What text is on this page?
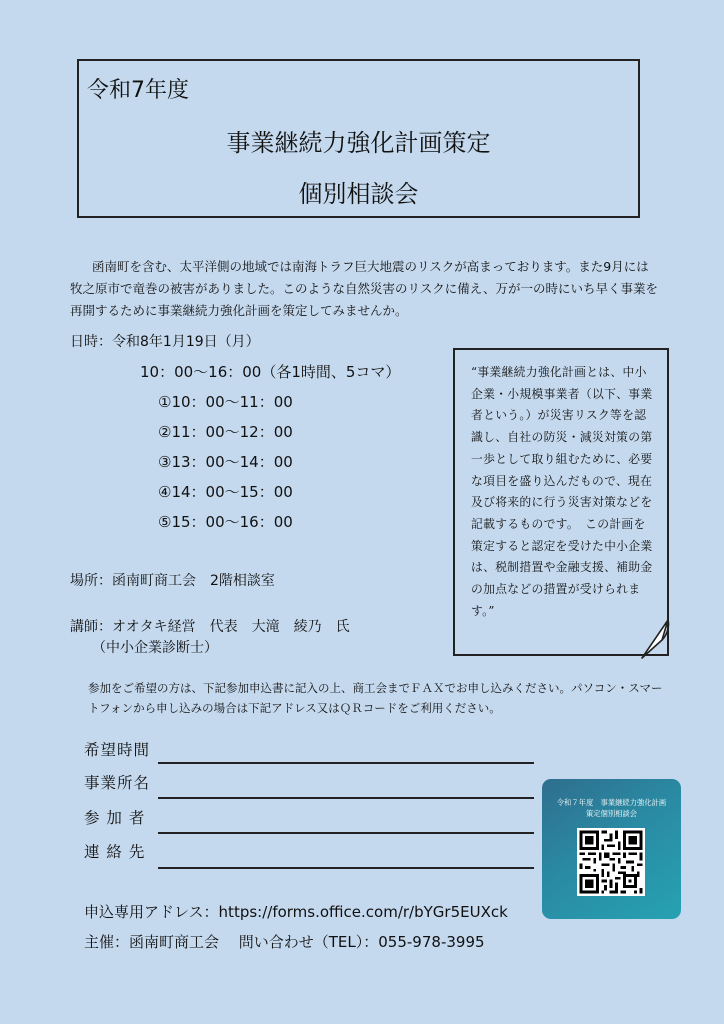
令和7年度
事業継続力強化計画策定
個別相談会
函南町を含む、太平洋側の地域では南海トラフ巨大地震のリスクが高まっております。また9月には牧之原市で竜巻の被害がありました。このような自然災害のリスクに備え、万が一の時にいち早く事業を再開するために事業継続力強化計画を策定してみませんか。
日時：令和8年1月19日（月）
10：00～16：00（各1時間、5コマ）
①10：00～11：00
②11：00～12：00
③13：00～14：00
④14：00～15：00
⑤15：00～16：00
場所：函南町商工会　2階相談室
講師：オオタキ経営　代表　大滝　綾乃　氏
（中小企業診断士）
“事業継続力強化計画とは、中小企業・小規模事業者（以下、事業者という。）が災害リスク等を認識し、自社の防災・減災対策の第一歩として取り組むために、必要な項目を盛り込んだもので、現在及び将来的に行う災害対策などを記載するものです。　この計画を策定すると認定を受けた中小企業は、税制措置や金融支援、補助金の加点などの措置が受けられます。”
参加をご希望の方は、下記参加申込書に記入の上、商工会までＦＡＸでお申し込みください。パソコン・スマートフォンから申し込みの場合は下記アドレス又はＱＲコードをご利用ください。
希望時間
事業所名
参 加 者
連 絡 先
令和７年度　事業継続力強化計画
策定個別相談会
申込専用アドレス：https://forms.office.com/r/bYGr5EUXck
主催：函南町商工会　 問い合わせ（TEL）：055-978-3995
